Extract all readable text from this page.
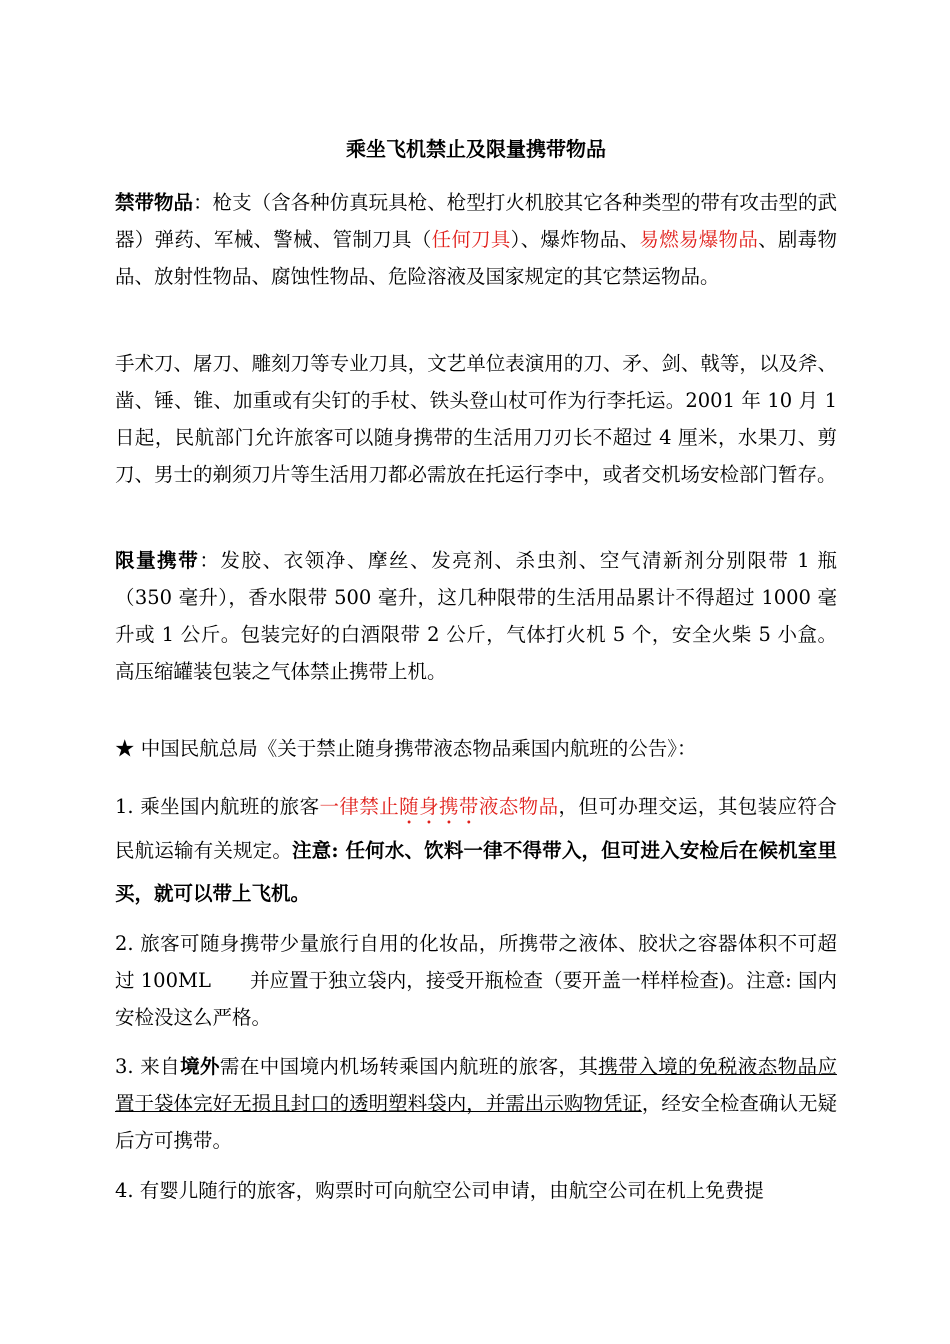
乘坐飞机禁止及限量携带物品

禁带物品：枪支（含各种仿真玩具枪、枪型打火机胶其它各种类型的带有攻击型的武器）弹药、军械、警械、管制刀具（任何刀具）、爆炸物品、易燃易爆物品、剧毒物品、放射性物品、腐蚀性物品、危险溶液及国家规定的其它禁运物品。

手术刀、屠刀、雕刻刀等专业刀具，文艺单位表演用的刀、矛、剑、戟等，以及斧、凿、锤、锥、加重或有尖钉的手杖、铁头登山杖可作为行李托运。2001 年 10 月 1 日起，民航部门允许旅客可以随身携带的生活用刀刃长不超过 4 厘米，水果刀、剪刀、男士的剃须刀片等生活用刀都必需放在托运行李中，或者交机场安检部门暂存。

限量携带：发胶、衣领净、摩丝、发亮剂、杀虫剂、空气清新剂分别限带 1 瓶（350 毫升），香水限带 500 毫升，这几种限带的生活用品累计不得超过 1000 毫升或 1 公斤。包装完好的白酒限带 2 公斤，气体打火机 5 个，安全火柴 5 小盒。 高压缩罐装包装之气体禁止携带上机。

★ 中国民航总局《关于禁止随身携带液态物品乘国内航班的公告》：

1. 乘坐国内航班的旅客一律禁止随身携带液态物品，但可办理交运，其包装应符合民航运输有关规定。注意: 任何水、饮料一律不得带入，但可进入安检后在候机室里买，就可以带上飞机。

2. 旅客可随身携带少量旅行自用的化妆品，所携带之液体、胶状之容器体积不可超过 100ML　　并应置于独立袋内，接受开瓶检查（要开盖一样样检查)。注意: 国内安检没这么严格。

3. 来自境外需在中国境内机场转乘国内航班的旅客，其携带入境的免税液态物品应置于袋体完好无损且封口的透明塑料袋内，并需出示购物凭证，经安全检查确认无疑后方可携带。

4. 有婴儿随行的旅客，购票时可向航空公司申请，由航空公司在机上免费提
